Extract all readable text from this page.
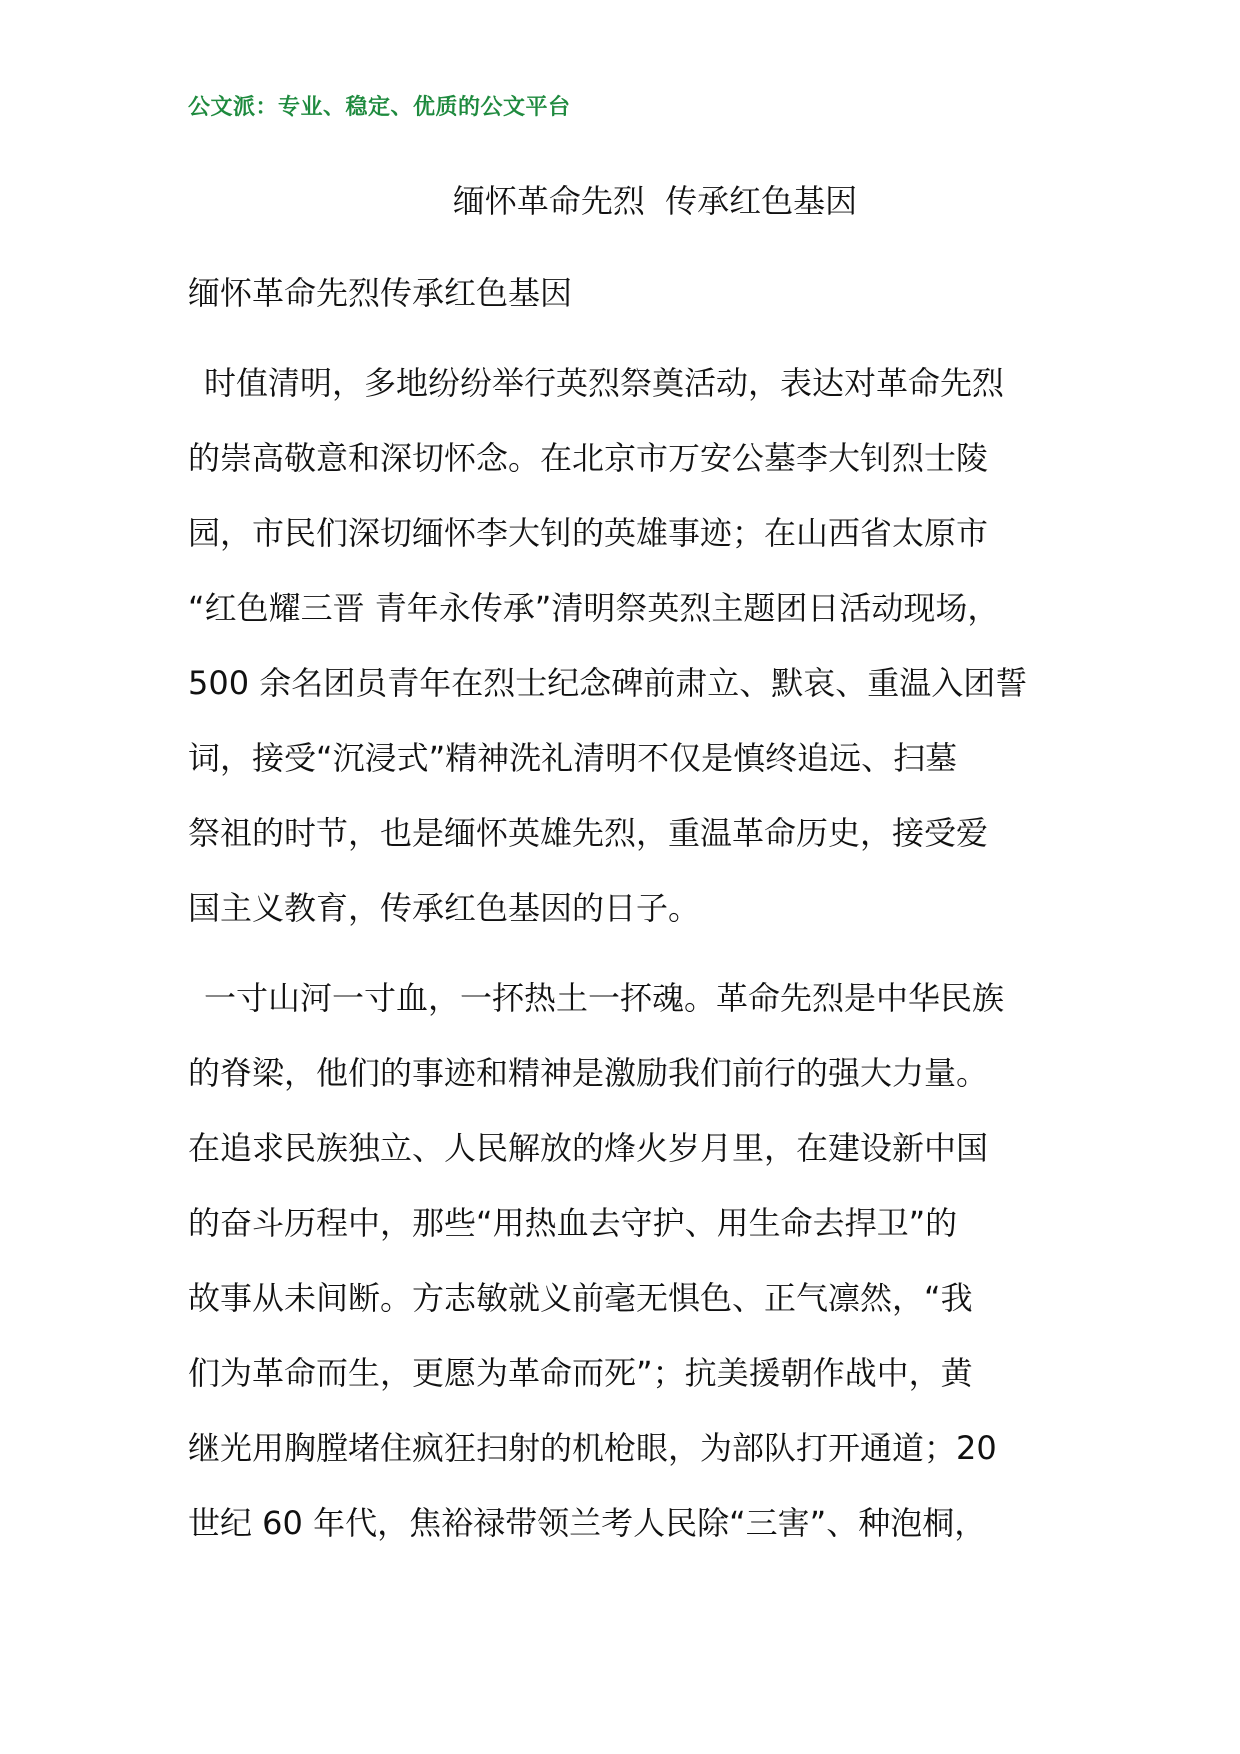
公文派：专业、稳定、优质的公文平台
缅怀革命先烈  传承红色基因
缅怀革命先烈传承红色基因
时值清明，多地纷纷举行英烈祭奠活动，表达对革命先烈
的崇高敬意和深切怀念。在北京市万安公墓李大钊烈士陵
园，市民们深切缅怀李大钊的英雄事迹；在山西省太原市
“红色耀三晋 青年永传承”清明祭英烈主题团日活动现场，
500 余名团员青年在烈士纪念碑前肃立、默哀、重温入团誓
词，接受“沉浸式”精神洗礼清明不仅是慎终追远、扫墓
祭祖的时节，也是缅怀英雄先烈，重温革命历史，接受爱
国主义教育，传承红色基因的日子。
一寸山河一寸血，一抔热土一抔魂。革命先烈是中华民族
的脊梁，他们的事迹和精神是激励我们前行的强大力量。
在追求民族独立、人民解放的烽火岁月里，在建设新中国
的奋斗历程中，那些“用热血去守护、用生命去捍卫”的
故事从未间断。方志敏就义前毫无惧色、正气凛然，“我
们为革命而生，更愿为革命而死”；抗美援朝作战中，黄
继光用胸膛堵住疯狂扫射的机枪眼，为部队打开通道；20
世纪 60 年代，焦裕禄带领兰考人民除“三害”、种泡桐，
